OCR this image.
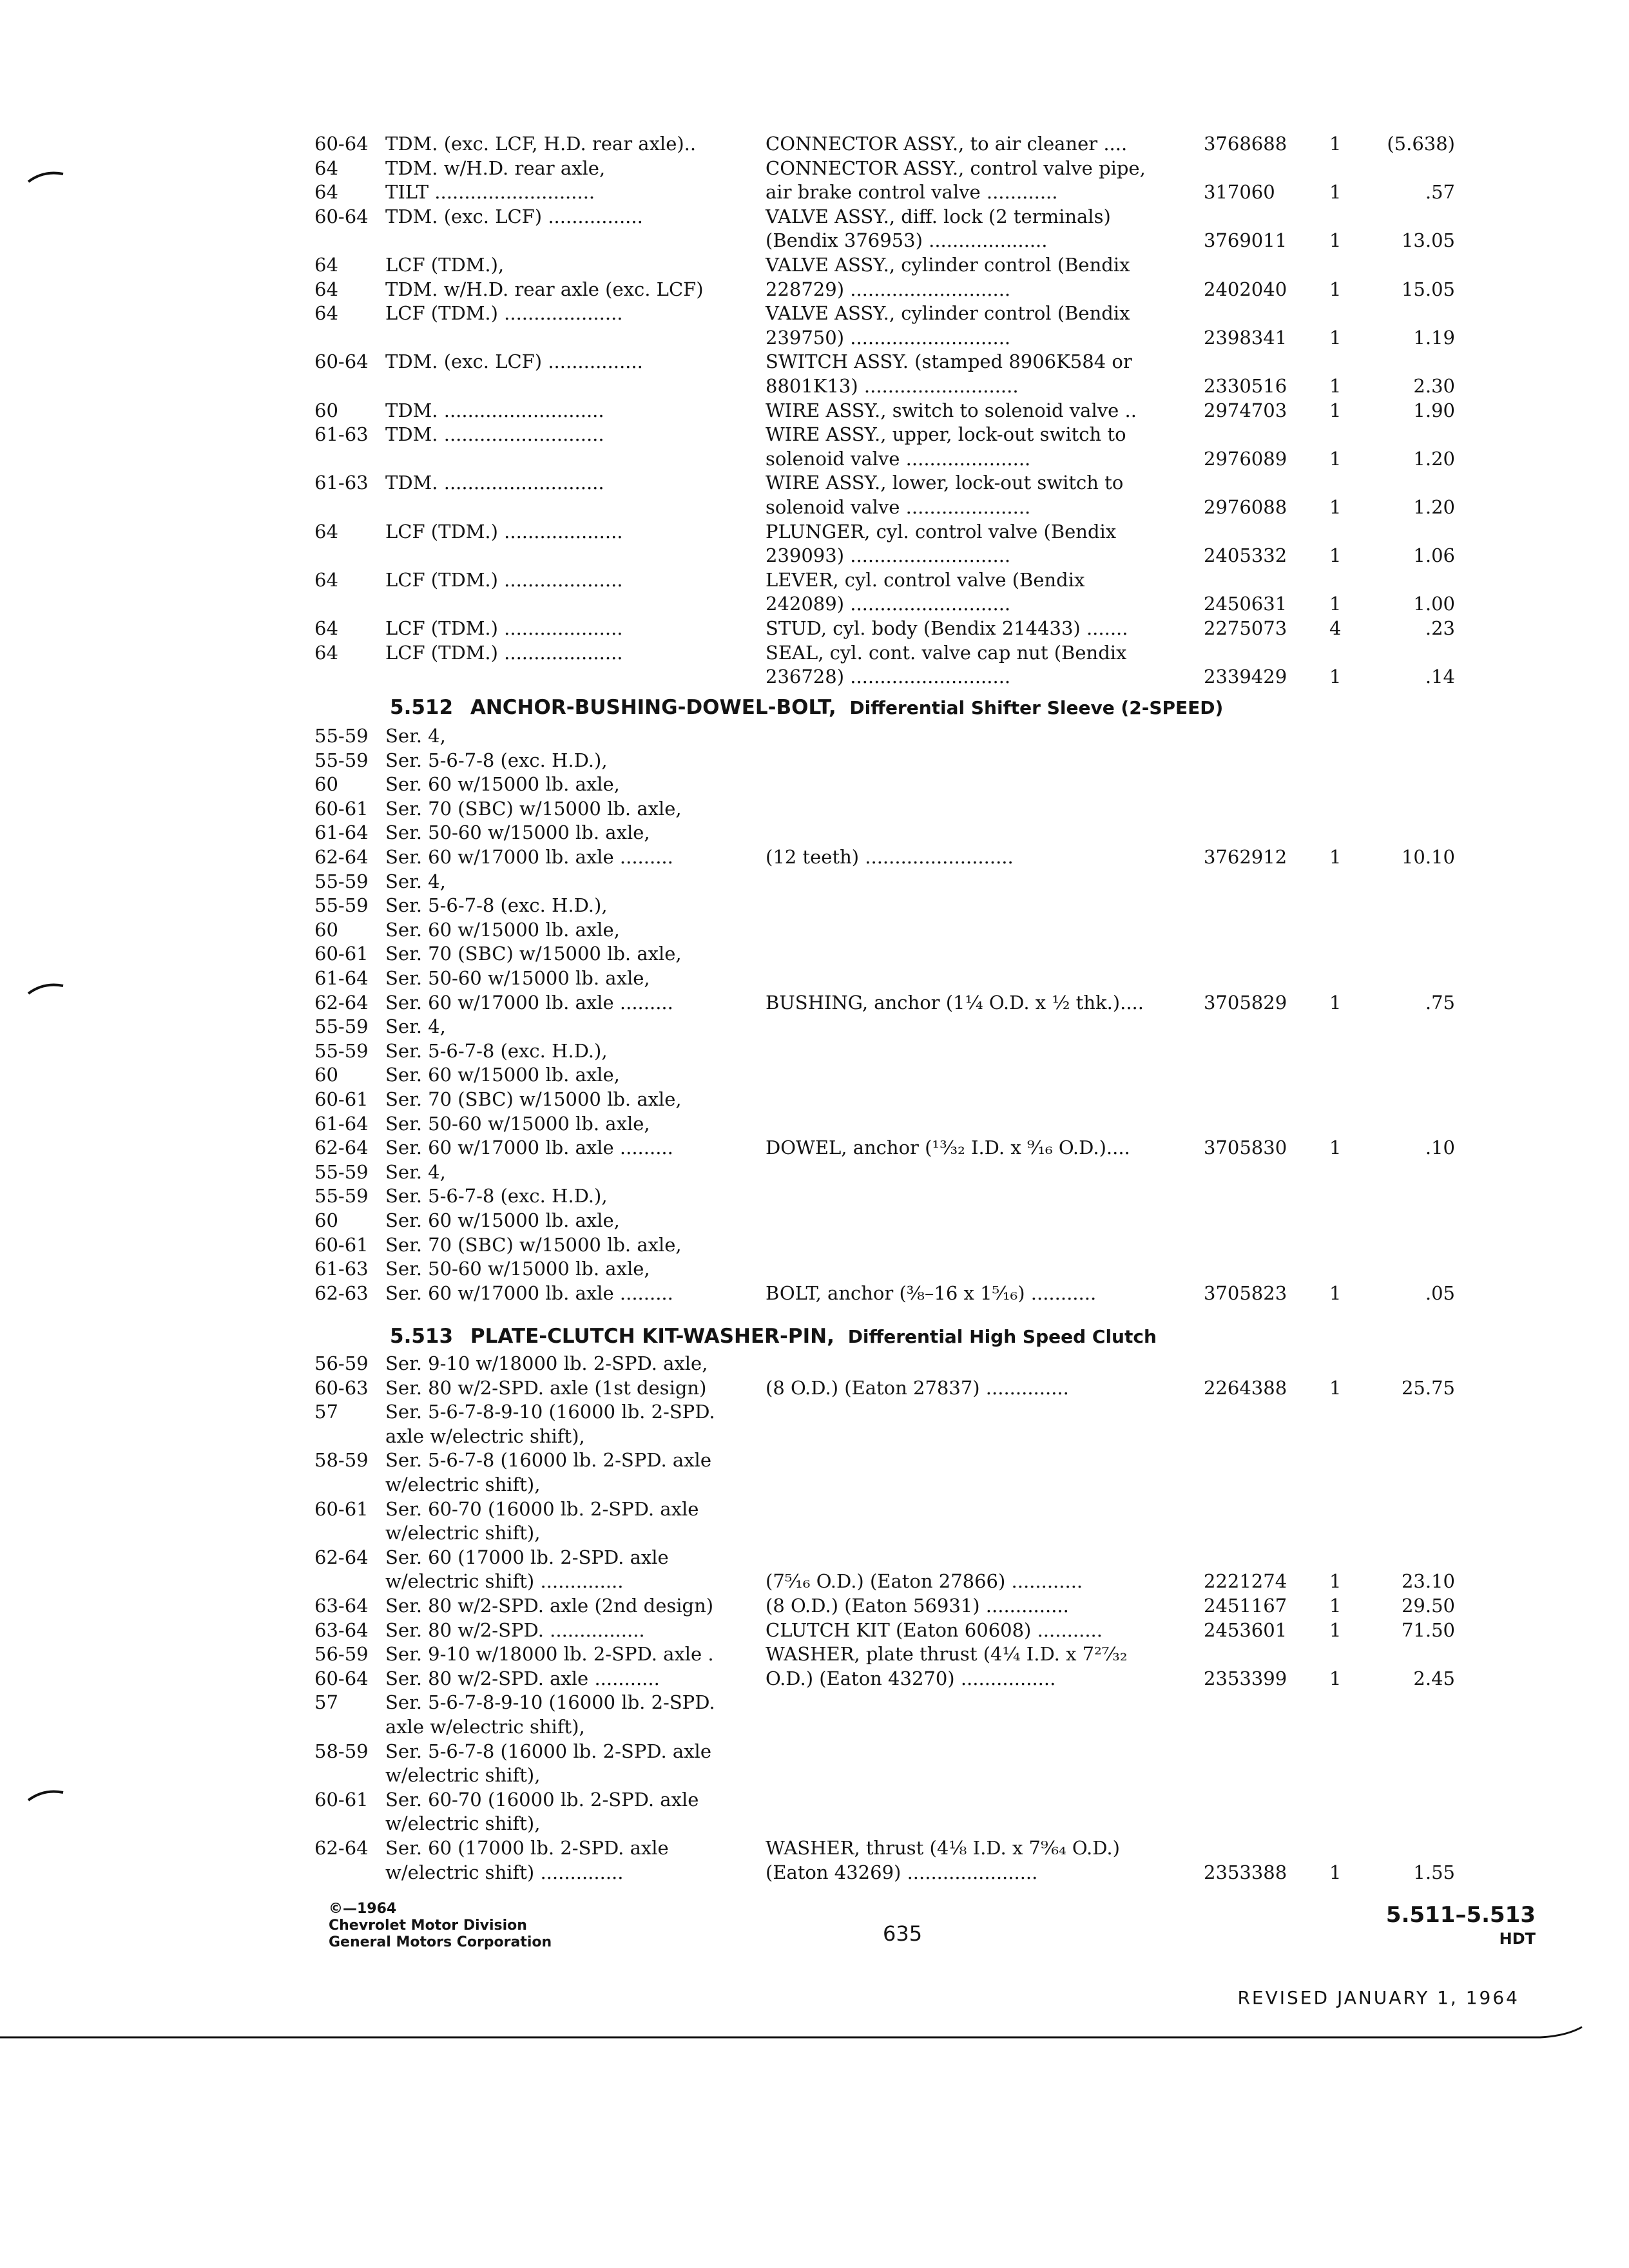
60-64 TDM. (exc. LCF, H.D. rear axle)..	CONNECTOR ASSY., to air cleaner ....	3768688	1	(5.638)
64	TDM. w/H.D. rear axle,	CONNECTOR ASSY., control valve pipe,
64	TILT ...........................	air brake control valve ............	317060	1	.57
60-64 TDM. (exc. LCF) ................	VALVE ASSY., diff. lock (2 terminals)
(Bendix 376953) ....................	3769011	1	13.05
64	LCF (TDM.),	VALVE ASSY., cylinder control (Bendix
64	TDM. w/H.D. rear axle (exc. LCF)	228729) ...........................	2402040	1	15.05
64	LCF (TDM.) ....................	VALVE ASSY., cylinder control (Bendix
239750) ...........................	2398341	1	1.19
60-64 TDM. (exc. LCF) ................	SWITCH ASSY. (stamped 8906K584 or
8801K13) ..........................	2330516	1	2.30
60	TDM. ...........................	WIRE ASSY., switch to solenoid valve ..	2974703	1	1.90
61-63 TDM. ...........................	WIRE ASSY., upper, lock-out switch to
solenoid valve .....................	2976089	1	1.20
61-63 TDM. ...........................	WIRE ASSY., lower, lock-out switch to
solenoid valve .....................	2976088	1	1.20
64	LCF (TDM.) ....................	PLUNGER, cyl. control valve (Bendix
239093) ...........................	2405332	1	1.06
64	LCF (TDM.) ....................	LEVER, cyl. control valve (Bendix
242089) ...........................	2450631	1	1.00
64	LCF (TDM.) ....................	STUD, cyl. body (Bendix 214433) .......	2275073	4	.23
64	LCF (TDM.) ....................	SEAL, cyl. cont. valve cap nut (Bendix
236728) ...........................	2339429	1	.14
55-59 Ser. 4,
55-59 Ser. 5-6-7-8 (exc. H.D.),
60	Ser. 60 w/15000 lb. axle,
60-61 Ser. 70 (SBC) w/15000 lb. axle,
61-64 Ser. 50-60 w/15000 lb. axle,
62-64 Ser. 60 w/17000 lb. axle .........	(12 teeth) .........................	3762912	1	10.10
55-59 Ser. 4,
55-59 Ser. 5-6-7-8 (exc. H.D.),
60	Ser. 60 w/15000 lb. axle,
60-61 Ser. 70 (SBC) w/15000 lb. axle,
61-64 Ser. 50-60 w/15000 lb. axle,
62-64 Ser. 60 w/17000 lb. axle .........	BUSHING, anchor (1¼ O.D. x ½ thk.)....	3705829	1	.75
55-59 Ser. 4,
55-59 Ser. 5-6-7-8 (exc. H.D.),
60	Ser. 60 w/15000 lb. axle,
60-61 Ser. 70 (SBC) w/15000 lb. axle,
61-64 Ser. 50-60 w/15000 lb. axle,
62-64 Ser. 60 w/17000 lb. axle .........	DOWEL, anchor (¹³⁄₃₂ I.D. x ⁹⁄₁₆ O.D.)....	3705830	1	.10
55-59 Ser. 4,
55-59 Ser. 5-6-7-8 (exc. H.D.),
60	Ser. 60 w/15000 lb. axle,
60-61 Ser. 70 (SBC) w/15000 lb. axle,
61-63 Ser. 50-60 w/15000 lb. axle,
62-63 Ser. 60 w/17000 lb. axle .........	BOLT, anchor (⅜–16 x 1⁵⁄₁₆) ...........	3705823	1	.05
56-59 Ser. 9-10 w/18000 lb. 2-SPD. axle,
60-63 Ser. 80 w/2-SPD. axle (1st design)	(8 O.D.) (Eaton 27837) ..............	2264388	1	25.75
57	Ser. 5-6-7-8-9-10 (16000 lb. 2-SPD.
axle w/electric shift),
58-59 Ser. 5-6-7-8 (16000 lb. 2-SPD. axle
w/electric shift),
60-61 Ser. 60-70 (16000 lb. 2-SPD. axle
w/electric shift),
62-64 Ser. 60 (17000 lb. 2-SPD. axle
w/electric shift) ..............	(7⁵⁄₁₆ O.D.) (Eaton 27866) ............	2221274	1	23.10
63-64 Ser. 80 w/2-SPD. axle (2nd design)	(8 O.D.) (Eaton 56931) ..............	2451167	1	29.50
63-64 Ser. 80 w/2-SPD. ................	CLUTCH KIT (Eaton 60608) ...........	2453601	1	71.50
56-59 Ser. 9-10 w/18000 lb. 2-SPD. axle .	WASHER, plate thrust (4¼ I.D. x 7²⁷⁄₃₂
60-64 Ser. 80 w/2-SPD. axle ...........	O.D.) (Eaton 43270) ................	2353399	1	2.45
57	Ser. 5-6-7-8-9-10 (16000 lb. 2-SPD.
axle w/electric shift),
58-59 Ser. 5-6-7-8 (16000 lb. 2-SPD. axle
w/electric shift),
60-61 Ser. 60-70 (16000 lb. 2-SPD. axle
w/electric shift),
62-64 Ser. 60 (17000 lb. 2-SPD. axle	WASHER, thrust (4⅛ I.D. x 7⁹⁄₆₄ O.D.)
w/electric shift) ..............	(Eaton 43269) ......................	2353388	1	1.55
5.512 ANCHOR-BUSHING-DOWEL-BOLT, Differential Shifter Sleeve (2-SPEED)
5.513 PLATE-CLUTCH KIT-WASHER-PIN, Differential High Speed Clutch
©—1964
Chevrolet Motor Division
General Motors Corporation	635
5.511–5.513
HDT
REVISED JANUARY 1, 1964
